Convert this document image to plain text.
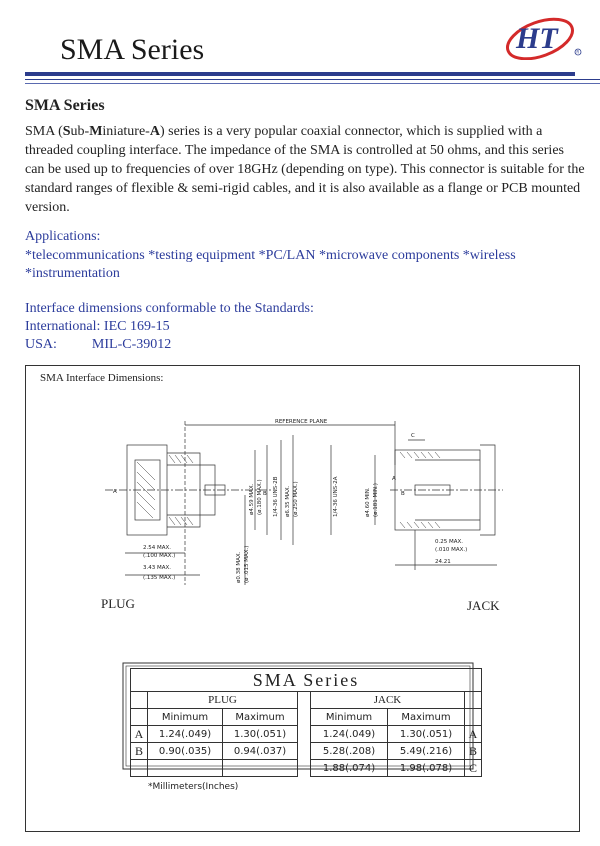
SMA Series	HT	R
SMA Series
SMA (Sub-Miniature-A) series is a very popular coaxial connector, which is supplied with a threaded coupling interface. The impedance of the SMA is controlled at 50 ohms, and this series can be used up to frequencies of over 18GHz (depending on type). This connector is suitable for the standard ranges of flexible & semi-rigid cables, and it is also available as a flange or PCB mounted version.
Applications:
*telecommunications *testing equipment *PC/LAN *microwave components *wireless *instrumentation
Interface dimensions conformable to the Standards:
International: IEC 169-15
USA:	MIL-C-39012
SMA Interface Dimensions:
REFERENCE PLANE
A	ø4.59 MAX. (ø.180 MAX.) 1/4-36 UNS-2B ø6.35 MAX. (ø.250 MAX.)
ø0.38 MAX. (ø .015 MAX.)
B
2.54 MAX.
(.100 MAX.)
3.43 MAX.
(.135 MAX.)
A
B
C
1/4-36 UNS-2A	ø4.60 MIN. (ø.181 MIN.)
0.25 MAX.
(.010 MAX.)
24.21
PLUG	JACK
SMA Series						
	PLUG			JACK		
	Minimum	Maximum		Minimum	Maximum	
A	1.24(.049)	1.30(.051)		1.24(.049)	1.30(.051)	A
B	0.90(.035)	0.94(.037)		5.28(.208)	5.49(.216)	B
				1.88(.074)	1.98(.078)	C
*Millimeters(Inches)
